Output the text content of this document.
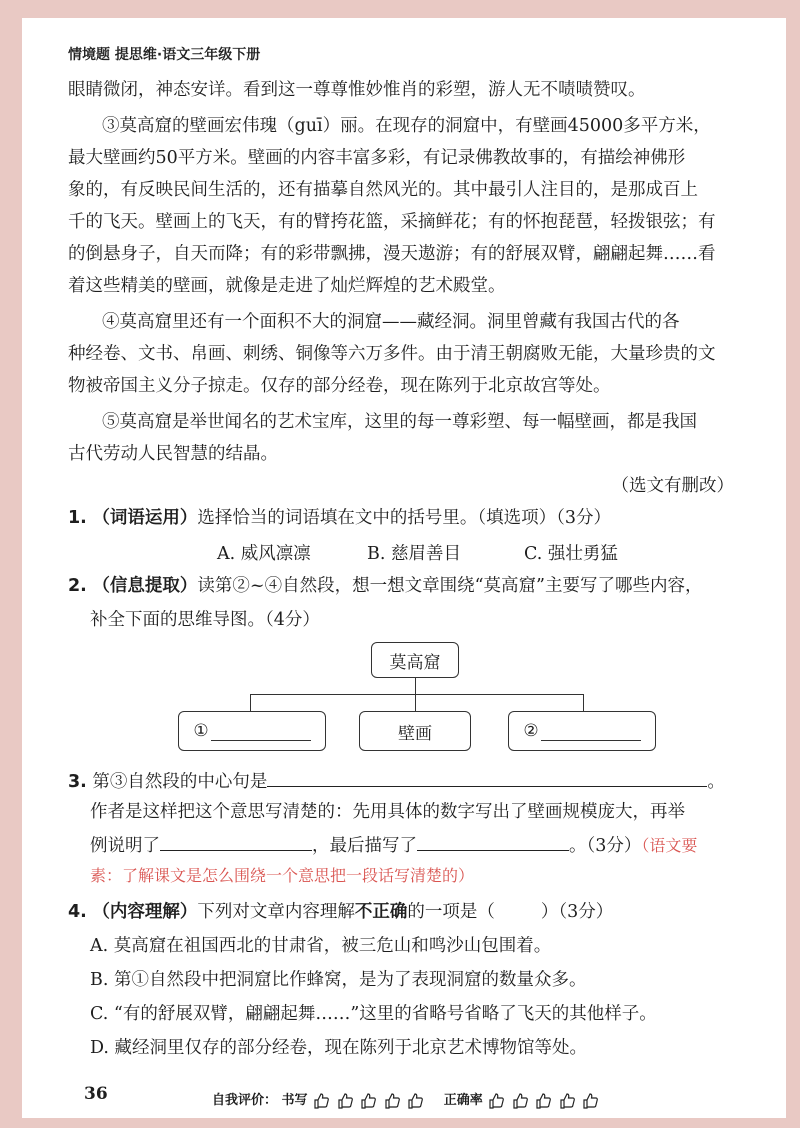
情境题 提思维·语文三年级下册
眼睛微闭，神态安详。看到这一尊尊惟妙惟肖的彩塑，游人无不啧啧赞叹。
③莫高窟的壁画宏伟瑰（guī）丽。在现存的洞窟中，有壁画45000多平方米，
最大壁画约50平方米。壁画的内容丰富多彩，有记录佛教故事的，有描绘神佛形
象的，有反映民间生活的，还有描摹自然风光的。其中最引人注目的，是那成百上
千的飞天。壁画上的飞天，有的臂挎花篮，采摘鲜花；有的怀抱琵琶，轻拨银弦；有
的倒悬身子，自天而降；有的彩带飘拂，漫天遨游；有的舒展双臂，翩翩起舞……看
着这些精美的壁画，就像是走进了灿烂辉煌的艺术殿堂。
④莫高窟里还有一个面积不大的洞窟——藏经洞。洞里曾藏有我国古代的各
种经卷、文书、帛画、刺绣、铜像等六万多件。由于清王朝腐败无能，大量珍贵的文
物被帝国主义分子掠走。仅存的部分经卷，现在陈列于北京故宫等处。
⑤莫高窟是举世闻名的艺术宝库，这里的每一尊彩塑、每一幅壁画，都是我国
古代劳动人民智慧的结晶。
（选文有删改）
1. （词语运用）选择恰当的词语填在文中的括号里。（填选项）（3分）
A. 威风凛凛	B. 慈眉善目	C. 强壮勇猛
2. （信息提取）读第②~④自然段，想一想文章围绕“莫高窟”主要写了哪些内容，
补全下面的思维导图。（4分）
莫高窟
①	壁画	②
3. 第③自然段的中心句是	。
作者是这样把这个意思写清楚的：先用具体的数字写出了壁画规模庞大，再举
例说明了	，最后描写了	。（3分）（语文要
素：了解课文是怎么围绕一个意思把一段话写清楚的）
4. （内容理解）下列对文章内容理解不正确的一项是（	）（3分）
A. 莫高窟在祖国西北的甘肃省，被三危山和鸣沙山包围着。
B. 第①自然段中把洞窟比作蜂窝，是为了表现洞窟的数量众多。
C. “有的舒展双臂，翩翩起舞……”这里的省略号省略了飞天的其他样子。
D. 藏经洞里仅存的部分经卷，现在陈列于北京艺术博物馆等处。
36	自我评价： 书写	正确率
